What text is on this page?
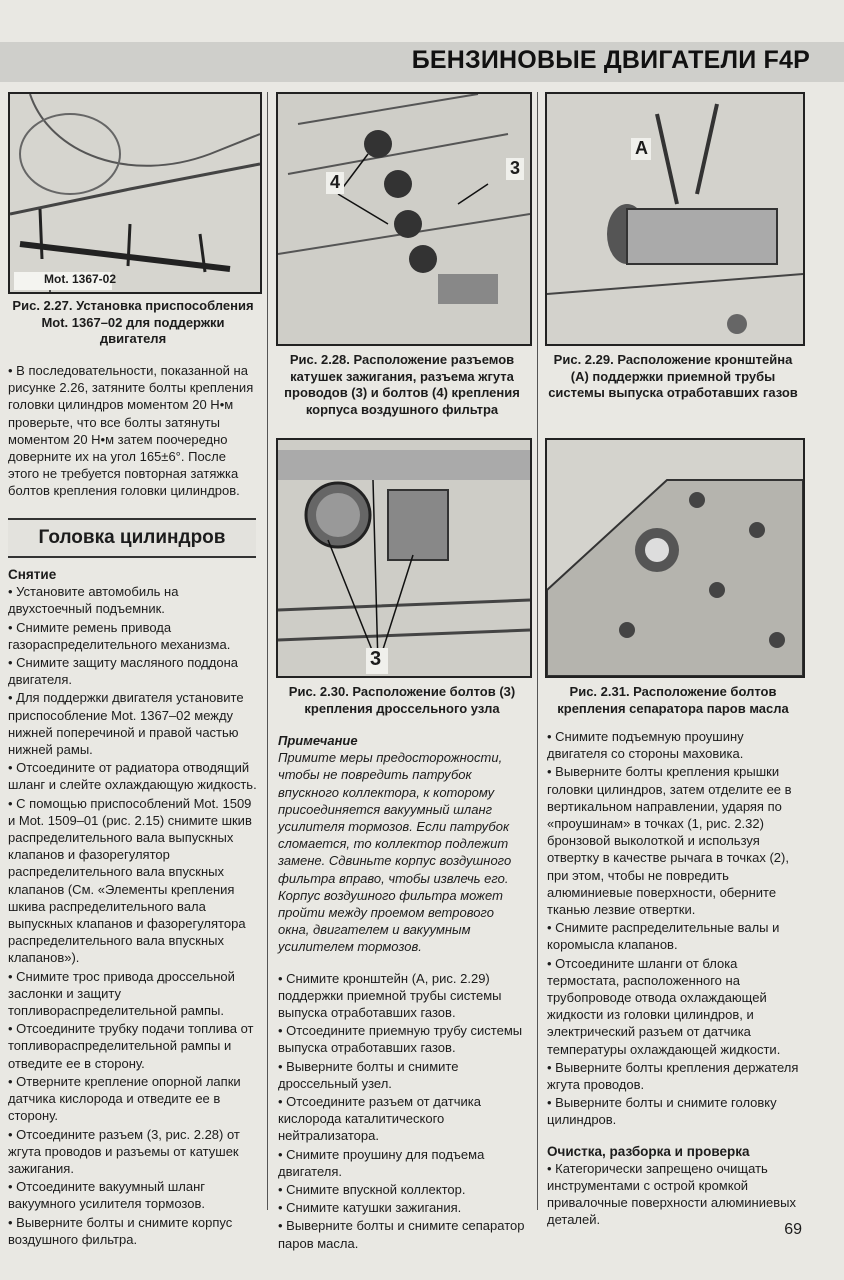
БЕНЗИНОВЫЕ ДВИГАТЕЛИ F4P
Mot. 1367-02
Рис. 2.27. Установка приспособления Mot. 1367–02 для поддержки двигателя
4
3
Рис. 2.28. Расположение разъемов катушек зажигания, разъема жгута проводов (3) и болтов (4) крепления корпуса воздушного фильтра
A
Рис. 2.29. Расположение кронштейна (А) поддержки приемной трубы системы выпуска отработавших газов
3
Рис. 2.30. Расположение болтов (3) крепления дроссельного узла
Рис. 2.31. Расположение болтов крепления сепаратора паров масла

• В последовательности, показанной на рисунке 2.26, затяните болты крепления головки цилиндров моментом 20 Н•м проверьте, что все болты затянуты моментом 20 Н•м затем поочередно доверните их на угол 165±6°. После этого не требуется повторная затяжка болтов крепления головки цилиндров.

Головка цилиндров
Снятие

• Установите автомобиль на двухстоечный подъемник.

• Снимите ремень привода газораспределительного механизма.

• Снимите защиту масляного поддона двигателя.

• Для поддержки двигателя установите приспособление Mot. 1367–02 между нижней поперечиной и правой частью нижней рамы.

• Отсоедините от радиатора отводящий шланг и слейте охлаждающую жидкость.

• С помощью приспособлений Mot. 1509 и Mot. 1509–01 (рис. 2.15) снимите шкив распределительного вала выпускных клапанов и фазорегулятор распределительного вала впускных клапанов (См. «Элементы крепления шкива распределительного вала выпускных клапанов и фазорегулятора распределительного вала впускных клапанов»).

• Снимите трос привода дроссельной заслонки и защиту топливораспределительной рампы.

• Отсоедините трубку подачи топлива от топливораспределительной рампы и отведите ее в сторону.

• Отверните крепление опорной лапки датчика кислорода и отведите ее в сторону.

• Отсоедините разъем (3, рис. 2.28) от жгута проводов и разъемы от катушек зажигания.

• Отсоедините вакуумный шланг вакуумного усилителя тормозов.

• Выверните болты и снимите корпус воздушного фильтра.

Примечание

Примите меры предосторожности, чтобы не повредить патрубок впускного коллектора, к которому присоединяется вакуумный шланг усилителя тормозов. Если патрубок сломается, то коллектор подлежит замене. Сдвиньте корпус воздушного фильтра вправо, чтобы извлечь его. Корпус воздушного фильтра может пройти между проемом ветрового окна, двигателем и вакуумным усилителем тормозов.

• Снимите кронштейн (А, рис. 2.29) поддержки приемной трубы системы выпуска отработавших газов.

• Отсоедините приемную трубу системы выпуска отработавших газов.

• Выверните болты и снимите дроссельный узел.

• Отсоедините разъем от датчика кислорода каталитического нейтрализатора.

• Снимите проушину для подъема двигателя.

• Снимите впускной коллектор.

• Снимите катушки зажигания.

• Выверните болты и снимите сепаратор паров масла.

• Снимите подъемную проушину двигателя со стороны маховика.

• Выверните болты крепления крышки головки цилиндров, затем отделите ее в вертикальном направлении, ударяя по «проушинам» в точках (1, рис. 2.32) бронзовой выколоткой и используя отвертку в качестве рычага в точках (2), при этом, чтобы не повредить алюминиевые поверхности, оберните тканью лезвие отвертки.

• Снимите распределительные валы и коромысла клапанов.

• Отсоедините шланги от блока термостата, расположенного на трубопроводе отвода охлаждающей жидкости из головки цилиндров, и электрический разъем от датчика температуры охлаждающей жидкости.

• Выверните болты крепления держателя жгута проводов.

• Выверните болты и снимите головку цилиндров.

Очистка, разборка и проверка

• Категорически запрещено очищать инструментами с острой кромкой привалочные поверхности алюминиевых деталей.

69
